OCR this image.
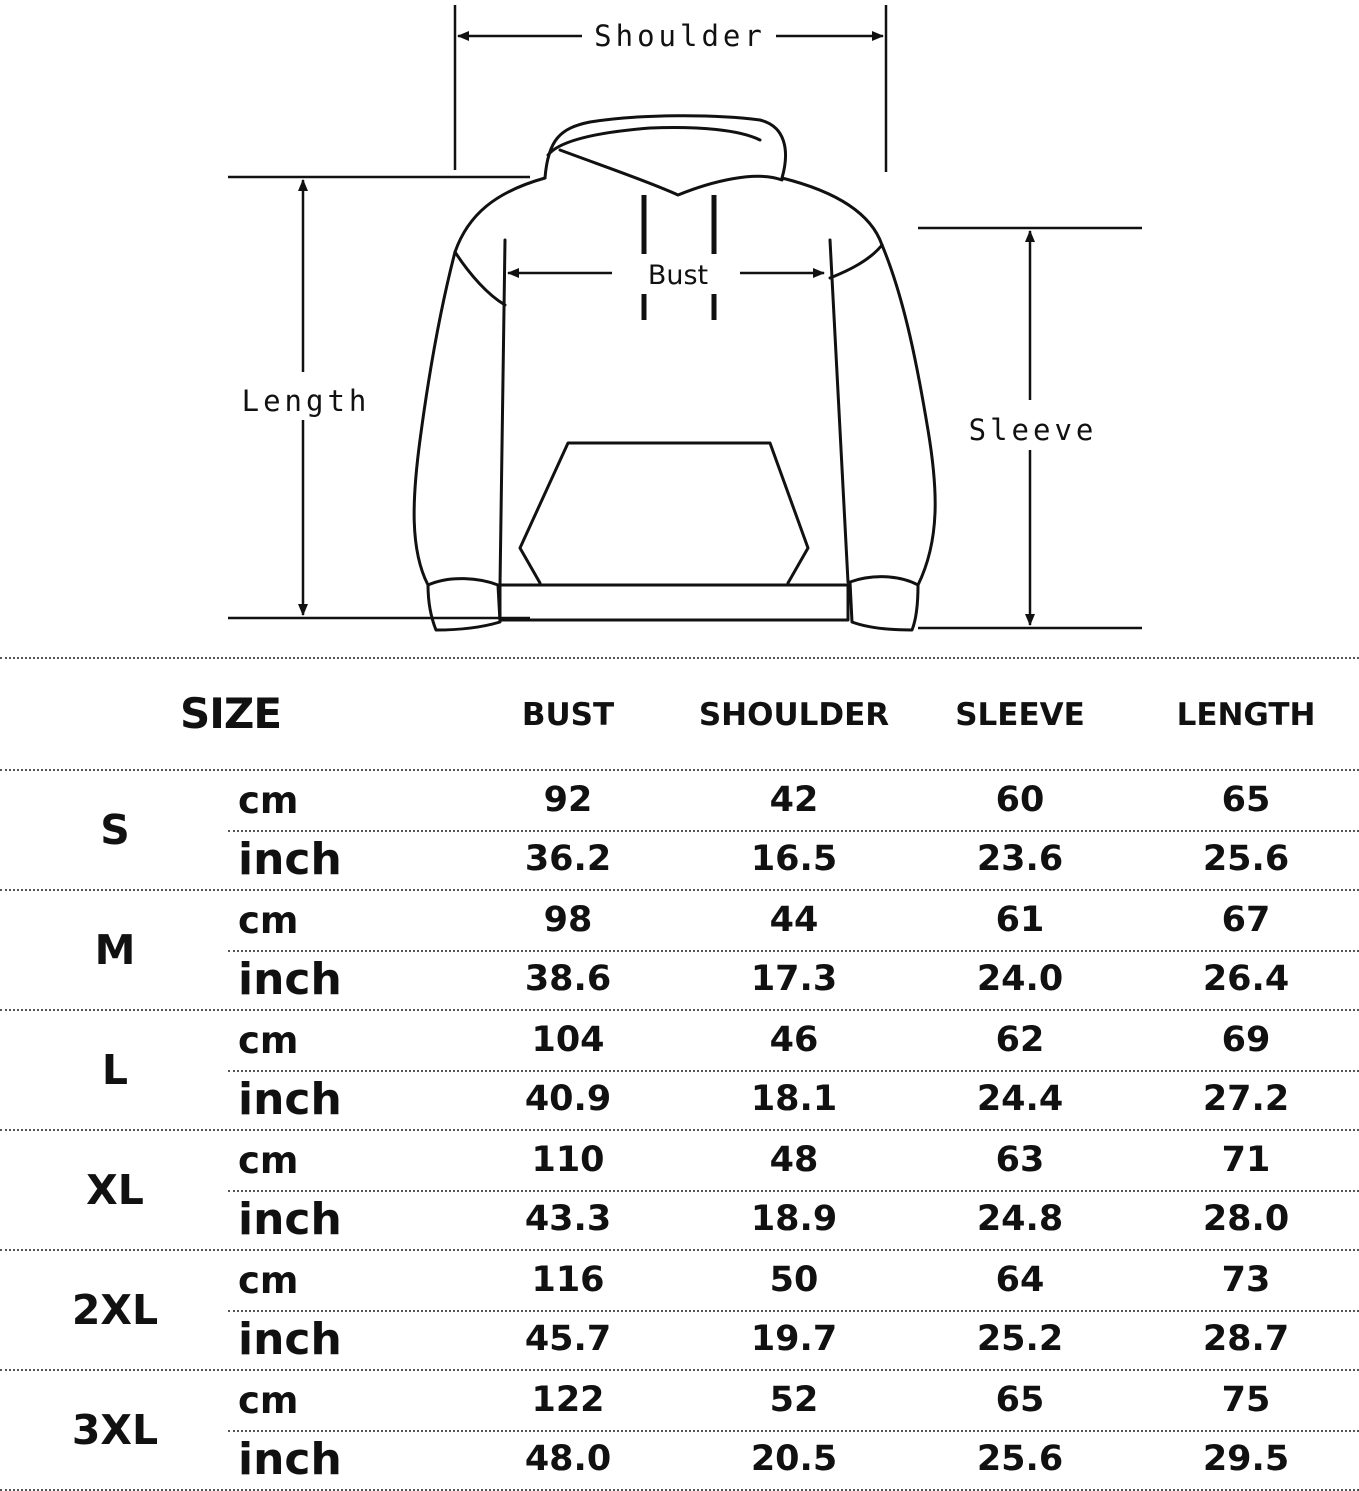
Shoulder
Bust
Length
Sleeve
SIZE	BUST	SHOULDER	SLEEVE	LENGTH
S
cm	92	42	60	65
inch	36.2	16.5	23.6	25.6
M
cm	98	44	61	67
inch	38.6	17.3	24.0	26.4
L
cm	104	46	62	69
inch	40.9	18.1	24.4	27.2
XL
cm	110	48	63	71
inch	43.3	18.9	24.8	28.0
2XL
cm	116	50	64	73
inch	45.7	19.7	25.2	28.7
3XL
cm	122	52	65	75
inch	48.0	20.5	25.6	29.5
